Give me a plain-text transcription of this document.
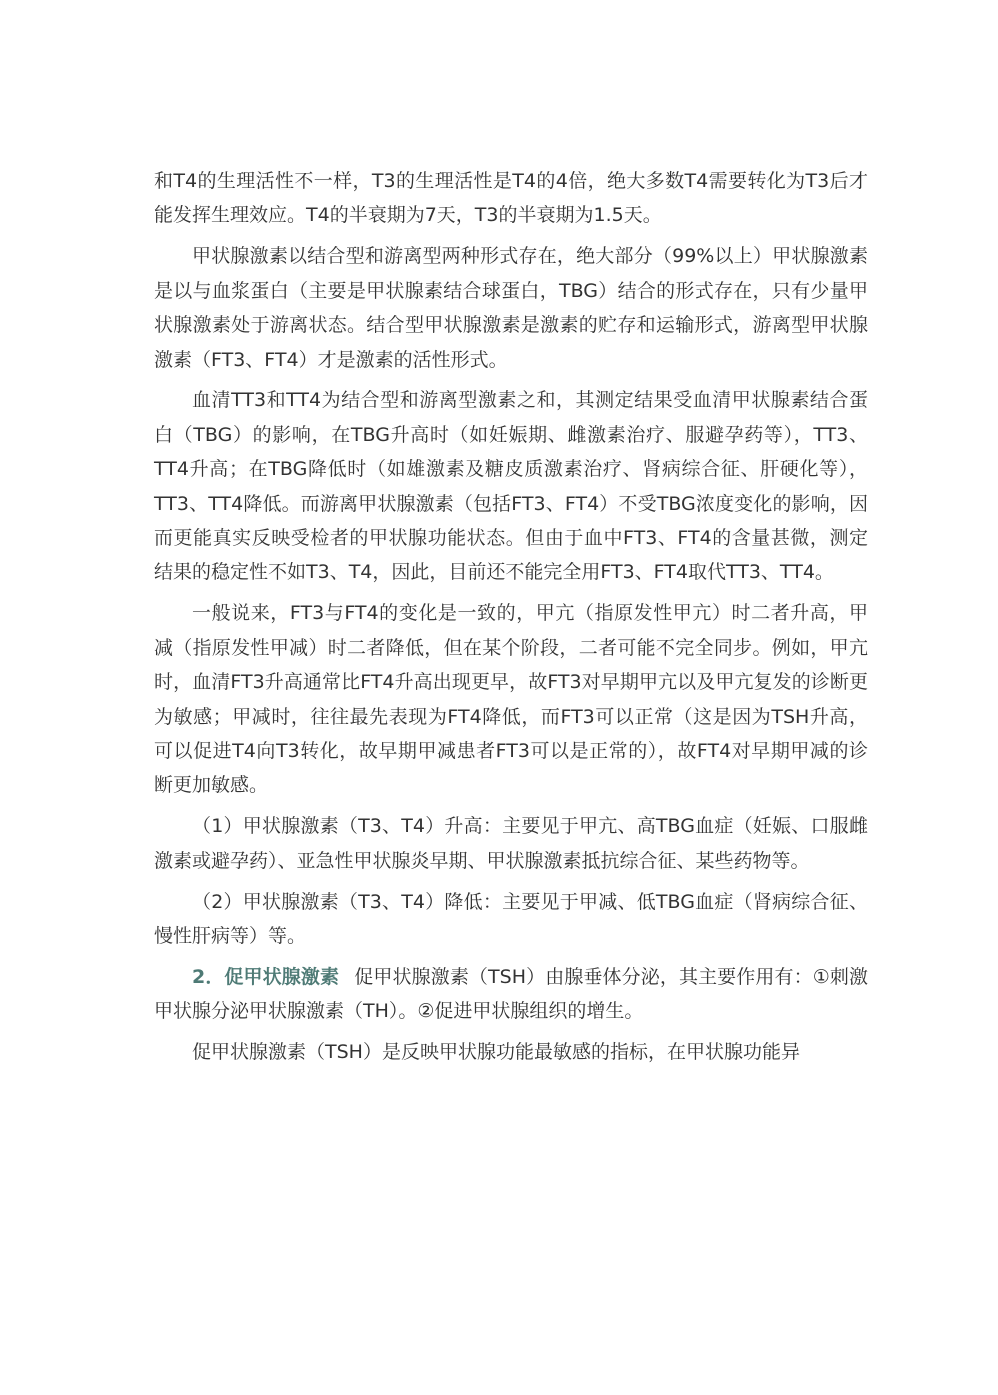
和T4的生理活性不一样，T3的生理活性是T4的4倍，绝大多数T4需要转化为T3后才能发挥生理效应。T4的半衰期为7天，T3的半衰期为1.5天。

甲状腺激素以结合型和游离型两种形式存在，绝大部分（99%以上）甲状腺激素是以与血浆蛋白（主要是甲状腺素结合球蛋白，TBG）结合的形式存在，只有少量甲状腺激素处于游离状态。结合型甲状腺激素是激素的贮存和运输形式，游离型甲状腺激素（FT3、FT4）才是激素的活性形式。

血清TT3和TT4为结合型和游离型激素之和，其测定结果受血清甲状腺素结合蛋白（TBG）的影响，在TBG升高时（如妊娠期、雌激素治疗、服避孕药等），TT3、TT4升高；在TBG降低时（如雄激素及糖皮质激素治疗、肾病综合征、肝硬化等），TT3、TT4降低。而游离甲状腺激素（包括FT3、FT4）不受TBG浓度变化的影响，因而更能真实反映受检者的甲状腺功能状态。但由于血中FT3、FT4的含量甚微，测定结果的稳定性不如T3、T4，因此，目前还不能完全用FT3、FT4取代TT3、TT4。

一般说来，FT3与FT4的变化是一致的，甲亢（指原发性甲亢）时二者升高，甲减（指原发性甲减）时二者降低，但在某个阶段，二者可能不完全同步。例如，甲亢时，血清FT3升高通常比FT4升高出现更早，故FT3对早期甲亢以及甲亢复发的诊断更为敏感；甲减时，往往最先表现为FT4降低，而FT3可以正常（这是因为TSH升高，可以促进T4向T3转化，故早期甲减患者FT3可以是正常的），故FT4对早期甲减的诊断更加敏感。

（1）甲状腺激素（T3、T4）升高：主要见于甲亢、高TBG血症（妊娠、口服雌激素或避孕药）、亚急性甲状腺炎早期、甲状腺激素抵抗综合征、某些药物等。

（2）甲状腺激素（T3、T4）降低：主要见于甲减、低TBG血症（肾病综合征、慢性肝病等）等。

2．促甲状腺激素 促甲状腺激素（TSH）由腺垂体分泌，其主要作用有：①刺激甲状腺分泌甲状腺激素（TH）。②促进甲状腺组织的增生。

促甲状腺激素（TSH）是反映甲状腺功能最敏感的指标，在甲状腺功能异
